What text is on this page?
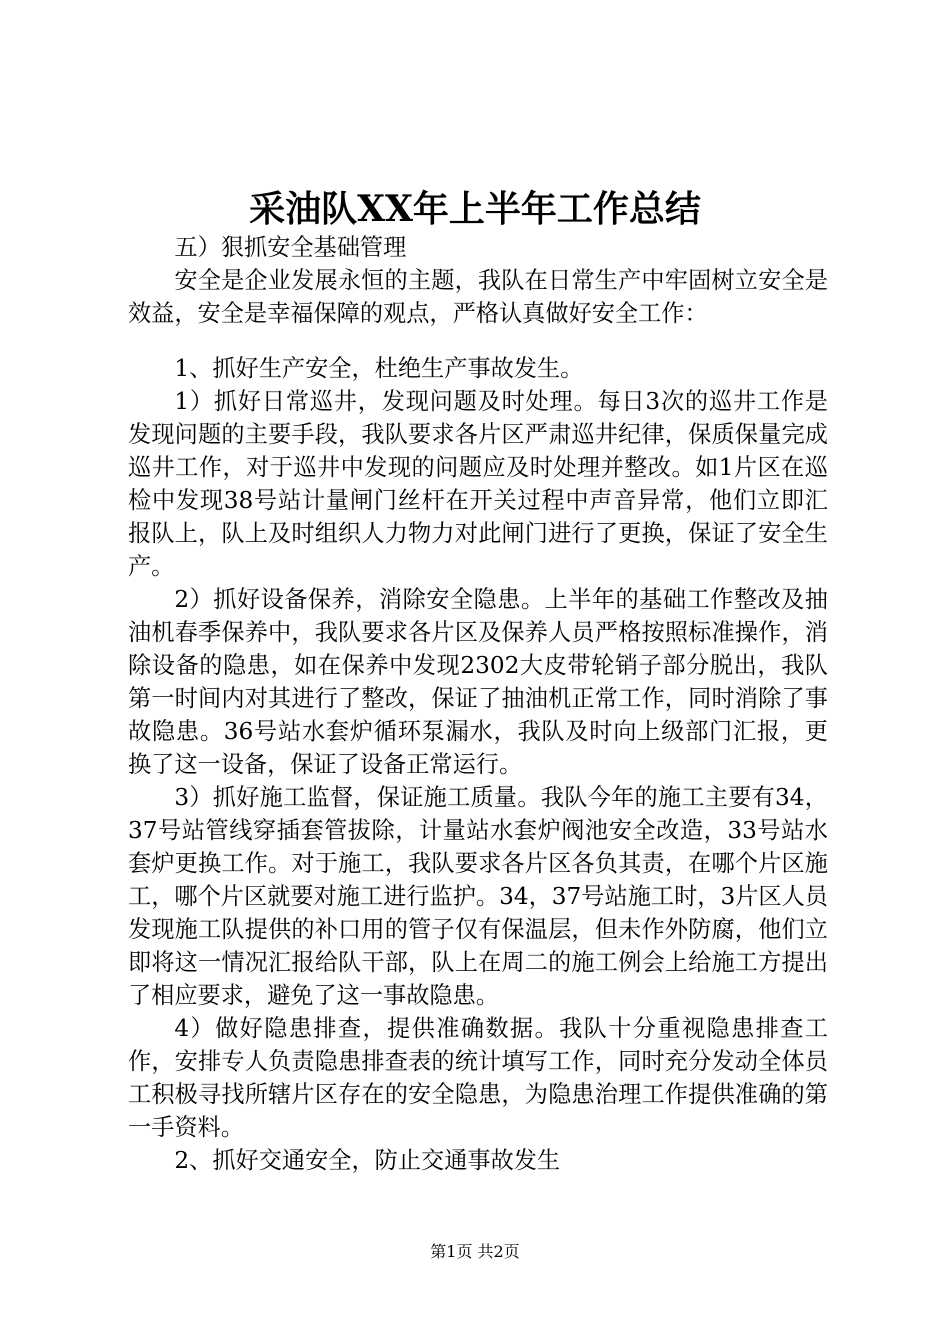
采油队XX年上半年工作总结

五）狠抓安全基础管理

安全是企业发展永恒的主题，我队在日常生产中牢固树立安全是效益，安全是幸福保障的观点，严格认真做好安全工作：

1、抓好生产安全，杜绝生产事故发生。

1）抓好日常巡井，发现问题及时处理。每日3次的巡井工作是发现问题的主要手段，我队要求各片区严肃巡井纪律，保质保量完成巡井工作，对于巡井中发现的问题应及时处理并整改。如1片区在巡检中发现38号站计量闸门丝杆在开关过程中声音异常，他们立即汇报队上，队上及时组织人力物力对此闸门进行了更换，保证了安全生产。

2）抓好设备保养，消除安全隐患。上半年的基础工作整改及抽油机春季保养中，我队要求各片区及保养人员严格按照标准操作，消除设备的隐患，如在保养中发现2302大皮带轮销子部分脱出，我队第一时间内对其进行了整改，保证了抽油机正常工作，同时消除了事故隐患。36号站水套炉循环泵漏水，我队及时向上级部门汇报，更换了这一设备，保证了设备正常运行。

3）抓好施工监督，保证施工质量。我队今年的施工主要有34，37号站管线穿插套管拔除，计量站水套炉阀池安全改造，33号站水套炉更换工作。对于施工，我队要求各片区各负其责，在哪个片区施工，哪个片区就要对施工进行监护。34，37号站施工时，3片区人员发现施工队提供的补口用的管子仅有保温层，但未作外防腐，他们立即将这一情况汇报给队干部，队上在周二的施工例会上给施工方提出了相应要求，避免了这一事故隐患。

4）做好隐患排查，提供准确数据。我队十分重视隐患排查工作，安排专人负责隐患排查表的统计填写工作，同时充分发动全体员工积极寻找所辖片区存在的安全隐患，为隐患治理工作提供准确的第一手资料。

2、抓好交通安全，防止交通事故发生

第1页 共2页
